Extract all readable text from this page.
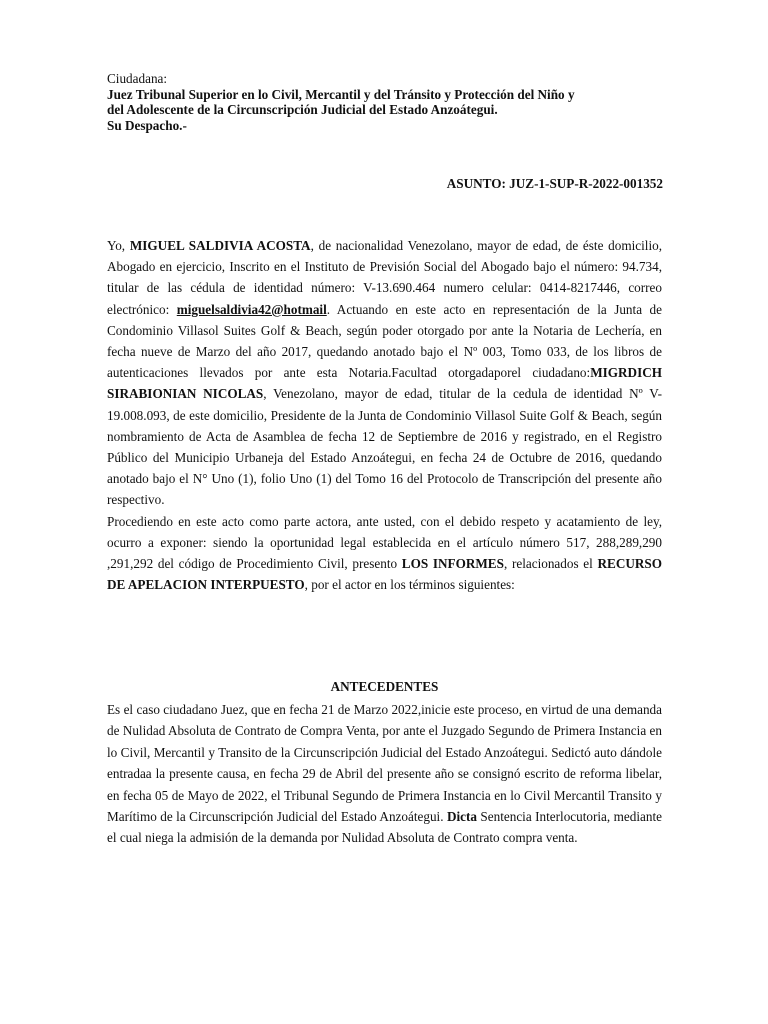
Ciudadana:
Juez Tribunal Superior en lo Civil, Mercantil y del Tránsito y Protección del Niño y
del Adolescente de la Circunscripción Judicial del Estado Anzoátegui.
Su Despacho.-
ASUNTO: JUZ-1-SUP-R-2022-001352

Yo, MIGUEL SALDIVIA ACOSTA, de nacionalidad Venezolano, mayor de edad, de éste domicilio, Abogado en ejercicio, Inscrito en el Instituto de Previsión Social del Abogado bajo el número: 94.734, titular de las cédula de identidad número: V-13.690.464 numero celular: 0414-8217446, correo electrónico: miguelsaldivia42@hotmail. Actuando en este acto en representación de la Junta de Condominio Villasol Suites Golf & Beach, según poder otorgado por ante la Notaria de Lechería, en fecha nueve de Marzo del año 2017, quedando anotado bajo el Nº 003, Tomo 033, de los libros de autenticaciones llevados por ante esta Notaria.Facultad otorgadaporel ciudadano:MIGRDICH SIRABIONIAN NICOLAS, Venezolano, mayor de edad, titular de la cedula de identidad Nº V- 19.008.093, de este domicilio, Presidente de la Junta de Condominio Villasol Suite Golf & Beach, según nombramiento de Acta de Asamblea de fecha 12 de Septiembre de 2016 y registrado, en el Registro Público del Municipio Urbaneja del Estado Anzoátegui, en fecha 24 de Octubre de 2016, quedando anotado bajo el N° Uno (1), folio Uno (1) del Tomo 16 del Protocolo de Transcripción del presente año respectivo.

Procediendo en este acto como parte actora, ante usted, con el debido respeto y acatamiento de ley, ocurro a exponer: siendo la oportunidad legal establecida en el artículo número 517, 288,289,290 ,291,292 del código de Procedimiento Civil, presento LOS INFORMES, relacionados el RECURSO DE APELACION INTERPUESTO, por el actor en los términos siguientes:

ANTECEDENTES

Es el caso ciudadano Juez, que en fecha 21 de Marzo 2022,inicie este proceso, en virtud de una demanda de Nulidad Absoluta de Contrato de Compra Venta, por ante el Juzgado Segundo de Primera Instancia en lo Civil, Mercantil y Transito de la Circunscripción Judicial del Estado Anzoátegui. Sedictó auto dándole entradaa la presente causa, en fecha 29 de Abril del presente año se consignó escrito de reforma libelar, en fecha 05 de Mayo de 2022, el Tribunal Segundo de Primera Instancia en lo Civil Mercantil Transito y Marítimo de la Circunscripción Judicial del Estado Anzoátegui. Dicta Sentencia Interlocutoria, mediante el cual niega la admisión de la demanda por Nulidad Absoluta de Contrato compra venta.
